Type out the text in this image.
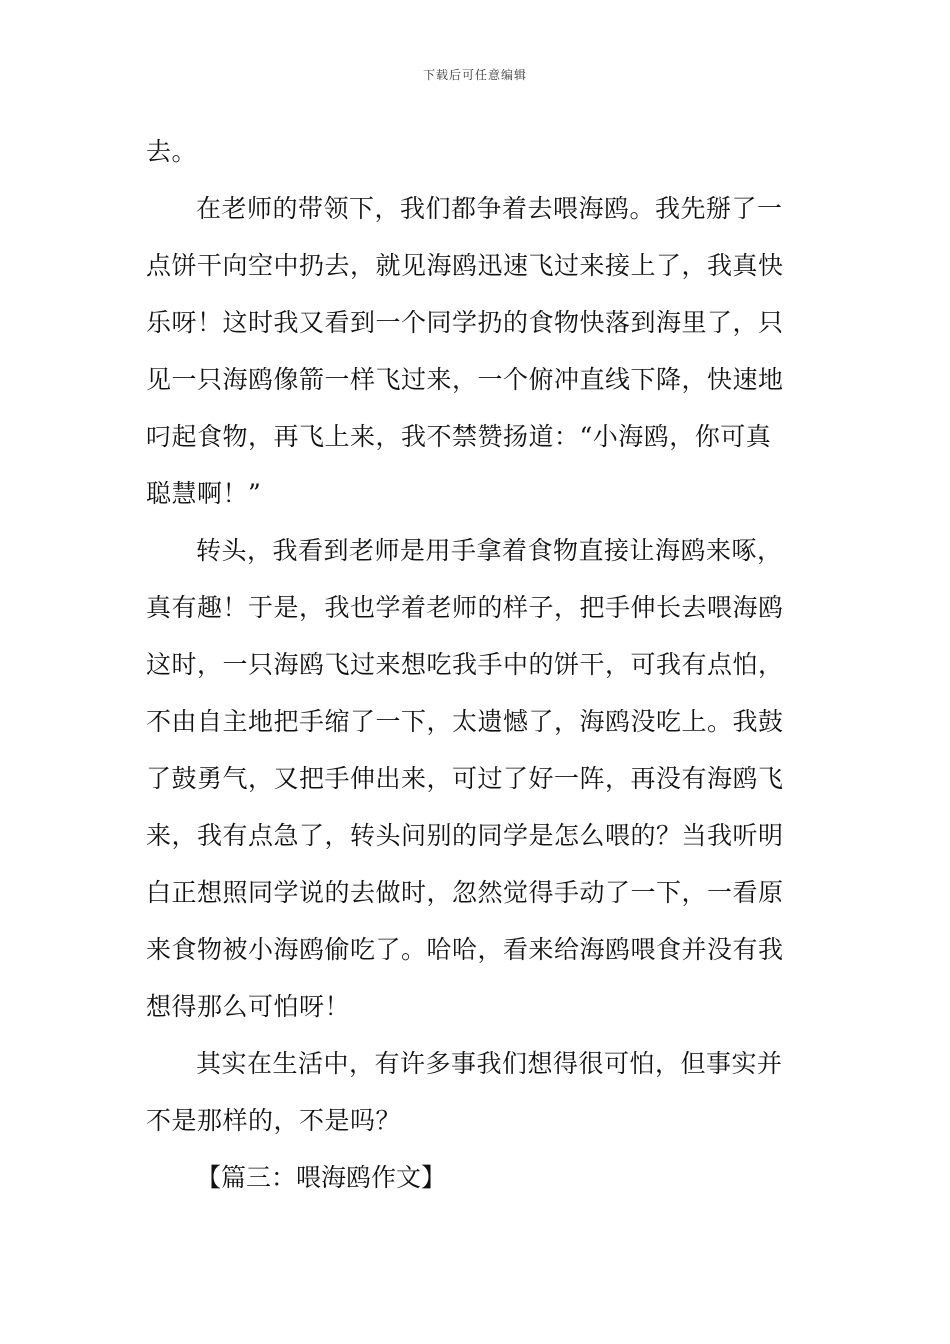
下载后可任意编辑
去。
在老师的带领下，我们都争着去喂海鸥。我先掰了一
点饼干向空中扔去，就见海鸥迅速飞过来接上了，我真快
乐呀！这时我又看到一个同学扔的食物快落到海里了，只
见一只海鸥像箭一样飞过来，一个俯冲直线下降，快速地
叼起食物，再飞上来，我不禁赞扬道：“小海鸥，你可真
聪慧啊！”
转头，我看到老师是用手拿着食物直接让海鸥来啄，
真有趣！于是，我也学着老师的样子，把手伸长去喂海鸥
这时，一只海鸥飞过来想吃我手中的饼干，可我有点怕，
不由自主地把手缩了一下，太遗憾了，海鸥没吃上。我鼓
了鼓勇气，又把手伸出来，可过了好一阵，再没有海鸥飞
来，我有点急了，转头问别的同学是怎么喂的？当我听明
白正想照同学说的去做时，忽然觉得手动了一下，一看原
来食物被小海鸥偷吃了。哈哈，看来给海鸥喂食并没有我
想得那么可怕呀！
其实在生活中，有许多事我们想得很可怕，但事实并
不是那样的，不是吗？
【篇三：喂海鸥作文】
